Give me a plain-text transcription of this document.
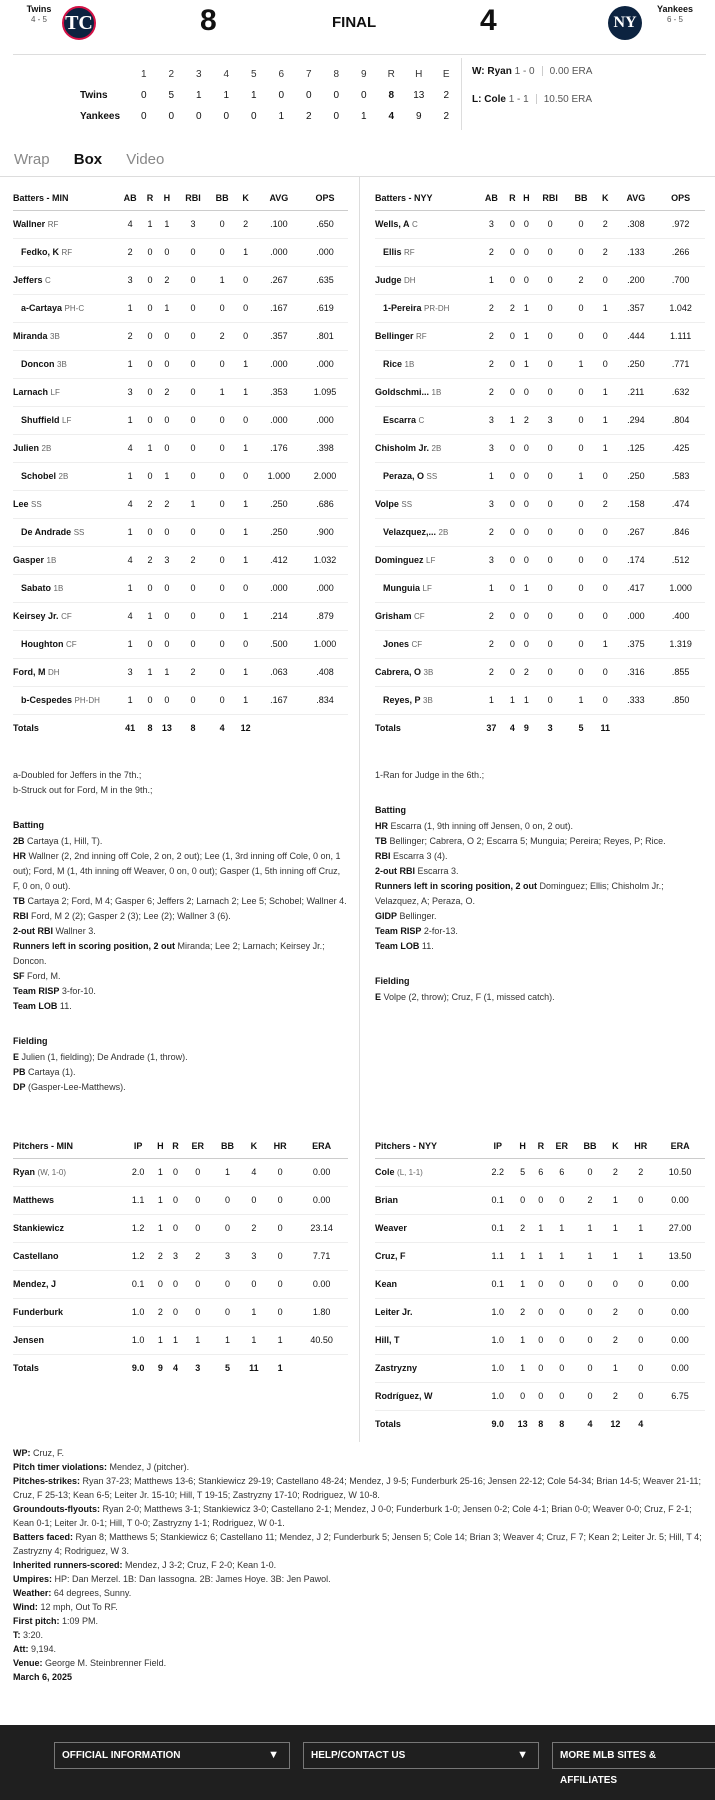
Twins
4 - 5 TC	8	FINAL	4	NY
Yankees
6 - 5
	1	2	3	4	5	6	7	8	9	R	H	E
Twins	0	5	1	1	1	0	0	0	0	8	13	2
Yankees	0	0	0	0	0	1	2	0	1	4	9	2
W: Ryan 1 - 0 0.00 ERA
L: Cole 1 - 1 10.50 ERA
Wrap Box Video
Batters - MIN	AB	R	H	RBI	BB	K	AVG	OPS
Wallner RF	4	1	1	3	0	2	.100	.650
Fedko, K RF	2	0	0	0	0	1	.000	.000
Jeffers C	3	0	2	0	1	0	.267	.635
a-Cartaya PH-C	1	0	1	0	0	0	.167	.619
Miranda 3B	2	0	0	0	2	0	.357	.801
Doncon 3B	1	0	0	0	0	1	.000	.000
Larnach LF	3	0	2	0	1	1	.353	1.095
Shuffield LF	1	0	0	0	0	0	.000	.000
Julien 2B	4	1	0	0	0	1	.176	.398
Schobel 2B	1	0	1	0	0	0	1.000	2.000
Lee SS	4	2	2	1	0	1	.250	.686
De Andrade SS	1	0	0	0	0	1	.250	.900
Gasper 1B	4	2	3	2	0	1	.412	1.032
Sabato 1B	1	0	0	0	0	0	.000	.000
Keirsey Jr. CF	4	1	0	0	0	1	.214	.879
Houghton CF	1	0	0	0	0	0	.500	1.000
Ford, M DH	3	1	1	2	0	1	.063	.408
b-Cespedes PH-DH	1	0	0	0	0	1	.167	.834
Totals	41	8	13	8	4	12		
Batters - NYY	AB	R	H	RBI	BB	K	AVG	OPS
Wells, A C	3	0	0	0	0	2	.308	.972
Ellis RF	2	0	0	0	0	2	.133	.266
Judge DH	1	0	0	0	2	0	.200	.700
1-Pereira PR-DH	2	2	1	0	0	1	.357	1.042
Bellinger RF	2	0	1	0	0	0	.444	1.111
Rice 1B	2	0	1	0	1	0	.250	.771
Goldschmi... 1B	2	0	0	0	0	1	.211	.632
Escarra C	3	1	2	3	0	1	.294	.804
Chisholm Jr. 2B	3	0	0	0	0	1	.125	.425
Peraza, O SS	1	0	0	0	1	0	.250	.583
Volpe SS	3	0	0	0	0	2	.158	.474
Velazquez,... 2B	2	0	0	0	0	0	.267	.846
Dominguez LF	3	0	0	0	0	0	.174	.512
Munguia LF	1	0	1	0	0	0	.417	1.000
Grisham CF	2	0	0	0	0	0	.000	.400
Jones CF	2	0	0	0	0	1	.375	1.319
Cabrera, O 3B	2	0	2	0	0	0	.316	.855
Reyes, P 3B	1	1	1	0	1	0	.333	.850
Totals	37	4	9	3	5	11		
a-Doubled for Jeffers in the 7th.;
b-Struck out for Ford, M in the 9th.;
Batting
2B Cartaya (1, Hill, T).
HR Wallner (2, 2nd inning off Cole, 2 on, 2 out); Lee (1, 3rd inning off Cole, 0 on, 1 out); Ford, M (1, 4th inning off Weaver, 0 on, 0 out); Gasper (1, 5th inning off Cruz, F, 0 on, 0 out).
TB Cartaya 2; Ford, M 4; Gasper 6; Jeffers 2; Larnach 2; Lee 5; Schobel; Wallner 4.
RBI Ford, M 2 (2); Gasper 2 (3); Lee (2); Wallner 3 (6).
2-out RBI Wallner 3.
Runners left in scoring position, 2 out Miranda; Lee 2; Larnach; Keirsey Jr.; Doncon.
SF Ford, M.
Team RISP 3-for-10.
Team LOB 11.
Fielding
E Julien (1, fielding); De Andrade (1, throw).
PB Cartaya (1).
DP (Gasper-Lee-Matthews).
1-Ran for Judge in the 6th.;
Batting
HR Escarra (1, 9th inning off Jensen, 0 on, 2 out).
TB Bellinger; Cabrera, O 2; Escarra 5; Munguia; Pereira; Reyes, P; Rice.
RBI Escarra 3 (4).
2-out RBI Escarra 3.
Runners left in scoring position, 2 out Dominguez; Ellis; Chisholm Jr.; Velazquez, A; Peraza, O.
GIDP Bellinger.
Team RISP 2-for-13.
Team LOB 11.
Fielding
E Volpe (2, throw); Cruz, F (1, missed catch).
Pitchers - MIN	IP	H	R	ER	BB	K	HR	ERA
Ryan (W, 1-0)	2.0	1	0	0	1	4	0	0.00
Matthews	1.1	1	0	0	0	0	0	0.00
Stankiewicz	1.2	1	0	0	0	2	0	23.14
Castellano	1.2	2	3	2	3	3	0	7.71
Mendez, J	0.1	0	0	0	0	0	0	0.00
Funderburk	1.0	2	0	0	0	1	0	1.80
Jensen	1.0	1	1	1	1	1	1	40.50
Totals	9.0	9	4	3	5	11	1	
Pitchers - NYY	IP	H	R	ER	BB	K	HR	ERA
Cole (L, 1-1)	2.2	5	6	6	0	2	2	10.50
Brian	0.1	0	0	0	2	1	0	0.00
Weaver	0.1	2	1	1	1	1	1	27.00
Cruz, F	1.1	1	1	1	1	1	1	13.50
Kean	0.1	1	0	0	0	0	0	0.00
Leiter Jr.	1.0	2	0	0	0	2	0	0.00
Hill, T	1.0	1	0	0	0	2	0	0.00
Zastryzny	1.0	1	0	0	0	1	0	0.00
Rodríguez, W	1.0	0	0	0	0	2	0	6.75
Totals	9.0	13	8	8	4	12	4	
WP: Cruz, F.
Pitch timer violations: Mendez, J (pitcher).
Pitches-strikes: Ryan 37-23; Matthews 13-6; Stankiewicz 29-19; Castellano 48-24; Mendez, J 9-5; Funderburk 25-16; Jensen 22-12; Cole 54-34; Brian 14-5; Weaver 21-11; Cruz, F 25-13; Kean 6-5; Leiter Jr. 15-10; Hill, T 19-15; Zastryzny 17-10; Rodriguez, W 10-8.
Groundouts-flyouts: Ryan 2-0; Matthews 3-1; Stankiewicz 3-0; Castellano 2-1; Mendez, J 0-0; Funderburk 1-0; Jensen 0-2; Cole 4-1; Brian 0-0; Weaver 0-0; Cruz, F 2-1; Kean 0-1; Leiter Jr. 0-1; Hill, T 0-0; Zastryzny 1-1; Rodriguez, W 0-1.
Batters faced: Ryan 8; Matthews 5; Stankiewicz 6; Castellano 11; Mendez, J 2; Funderburk 5; Jensen 5; Cole 14; Brian 3; Weaver 4; Cruz, F 7; Kean 2; Leiter Jr. 5; Hill, T 4; Zastryzny 4; Rodriguez, W 3.
Inherited runners-scored: Mendez, J 3-2; Cruz, F 2-0; Kean 1-0.
Umpires: HP: Dan Merzel. 1B: Dan Iassogna. 2B: James Hoye. 3B: Jen Pawol.
Weather: 64 degrees, Sunny.
Wind: 12 mph, Out To RF.
First pitch: 1:09 PM.
T: 3:20.
Att: 9,194.
Venue: George M. Steinbrenner Field.
March 6, 2025
OFFICIAL INFORMATION	▼	HELP/CONTACT US	▼	MORE MLB SITES & AFFILIATES
